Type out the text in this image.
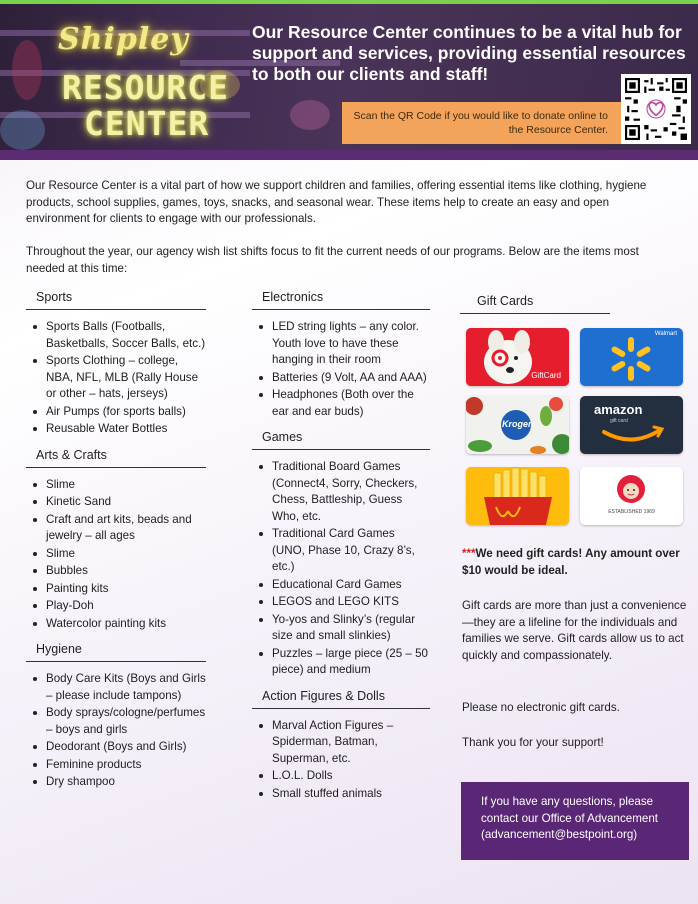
Shipley
RESOURCE
CENTER
Our Resource Center continues to be a vital hub for support and services, providing essential resources to both our clients and staff!
Scan the QR Code if you would like to donate online to the Resource Center.

Our Resource Center is a vital part of how we support children and families, offering essential items like clothing, hygiene products, school supplies, games, toys, snacks, and seasonal wear. These items help to create an easy and open environment for clients to engage with our professionals.

Throughout the year, our agency wish list shifts focus to fit the current needs of our programs. Below are the items most needed at this time:

Sports
Sports Balls (Footballs, Basketballs, Soccer Balls, etc.)
Sports Clothing – college, NBA, NFL, MLB (Rally House or other – hats, jerseys)
Air Pumps (for sports balls)
Reusable Water Bottles
Arts & Crafts
Slime
Kinetic Sand
Craft and art kits, beads and jewelry – all ages
Slime
Bubbles
Painting kits
Play-Doh
Watercolor painting kits
Hygiene
Body Care Kits (Boys and Girls – please include tampons)
Body sprays/cologne/perfumes – boys and girls
Deodorant (Boys and Girls)
Feminine products
Dry shampoo
Electronics
LED string lights – any color. Youth love to have these hanging in their room
Batteries (9 Volt, AA and AAA)
Headphones (Both over the ear and ear buds)
Games
Traditional Board Games (Connect4, Sorry, Checkers, Chess, Battleship, Guess Who, etc.
Traditional Card Games (UNO, Phase 10, Crazy 8’s, etc.)
Educational Card Games
LEGOS and LEGO KITS
Yo-yos and Slinky’s (regular size and small slinkies)
Puzzles – large piece (25 – 50 piece) and medium
Action Figures & Dolls
Marval Action Figures – Spiderman, Batman, Superman, etc.
L.O.L. Dolls
Small stuffed animals
Gift Cards
GiftCard
Walmart
Kroger
amazon
gift card
ESTABLISHED 1969

***We need gift cards! Any amount over $10 would be ideal.

Gift cards are more than just a convenience—they are a lifeline for the individuals and families we serve. Gift cards allow us to act quickly and compassionately.

Please no electronic gift cards.

Thank you for your support!

If you have any questions, please contact our Office of Advancement (advancement@bestpoint.org)
